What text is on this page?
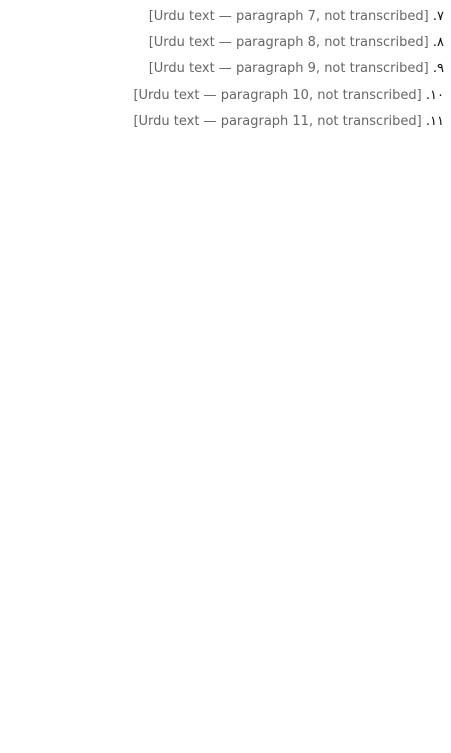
۷. [Urdu text — paragraph 7, not transcribed]

۸. [Urdu text — paragraph 8, not transcribed]

۹. [Urdu text — paragraph 9, not transcribed]

۱۰. [Urdu text — paragraph 10, not transcribed]

۱۱. [Urdu text — paragraph 11, not transcribed]
